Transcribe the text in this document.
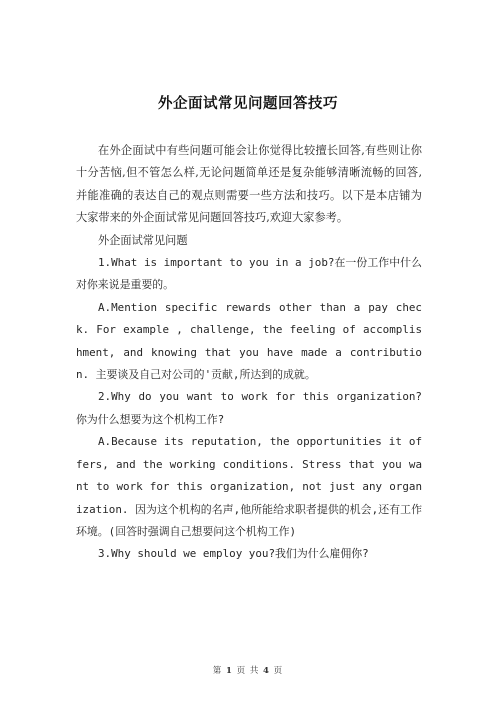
外企面试常见问题回答技巧

在外企面试中有些问题可能会让你觉得比较擅长回答,有些则让你十分苦恼,但不管怎么样,无论问题简单还是复杂能够清晰流畅的回答,并能准确的表达自己的观点则需要一些方法和技巧。以下是本店铺为大家带来的外企面试常见问题回答技巧,欢迎大家参考。

外企面试常见问题

1.What is important to you in a job?在一份工作中什么对你来说是重要的。

A.Mention specific rewards other than a pay check. For example , challenge, the feeling of accomplishment, and knowing that you have made a contribution. 主要谈及自己对公司的'贡献,所达到的成就。

2.Why do you want to work for this organization? 你为什么想要为这个机构工作?

A.Because its reputation, the opportunities it offers, and the working conditions. Stress that you want to work for this organization, not just any organization. 因为这个机构的名声,他所能给求职者提供的机会,还有工作环境。(回答时强调自己想要问这个机构工作)

3.Why should we employ you?我们为什么雇佣你?

第 1 页 共 4 页
